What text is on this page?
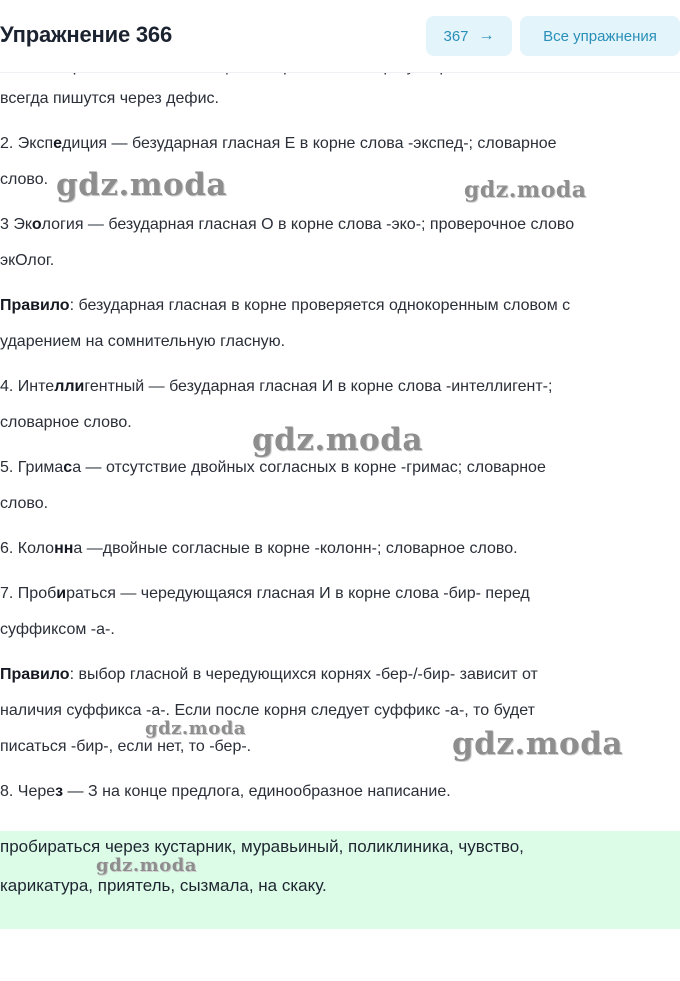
Упражнение 366	367 →	Все упражнения
всегда пишутся через дефис.
2. Экспедиция — безударная гласная Е в корне слова -экспед-; словарное
слово.
3 Экология — безударная гласная О в корне слова -эко-; проверочное слово
экОлог.
Правило: безударная гласная в корне проверяется однокоренным словом с
ударением на сомнительную гласную.
4. Интеллигентный — безударная гласная И в корне слова -интеллигент-;
словарное слово.
5. Гримаса — отсутствие двойных согласных в корне -гримас; словарное
слово.
6. Колонна —двойные согласные в корне -колонн-; словарное слово.
7. Пробираться — чередующаяся гласная И в корне слова -бир- перед
суффиксом -а-.
Правило: выбор гласной в чередующихся корнях -бер-/-бир- зависит от
наличия суффикса -а-. Если после корня следует суффикс -а-, то будет
писаться -бир-, если нет, то -бер-.
8. Через — З на конце предлога, единообразное написание.
пробираться через кустарник, муравьиный, поликлиника, чувство,
карикатура, приятель, сызмала, на скаку.
gdz.moda	gdz.moda
gdz.moda
gdz.moda	gdz.moda
gdz.moda
